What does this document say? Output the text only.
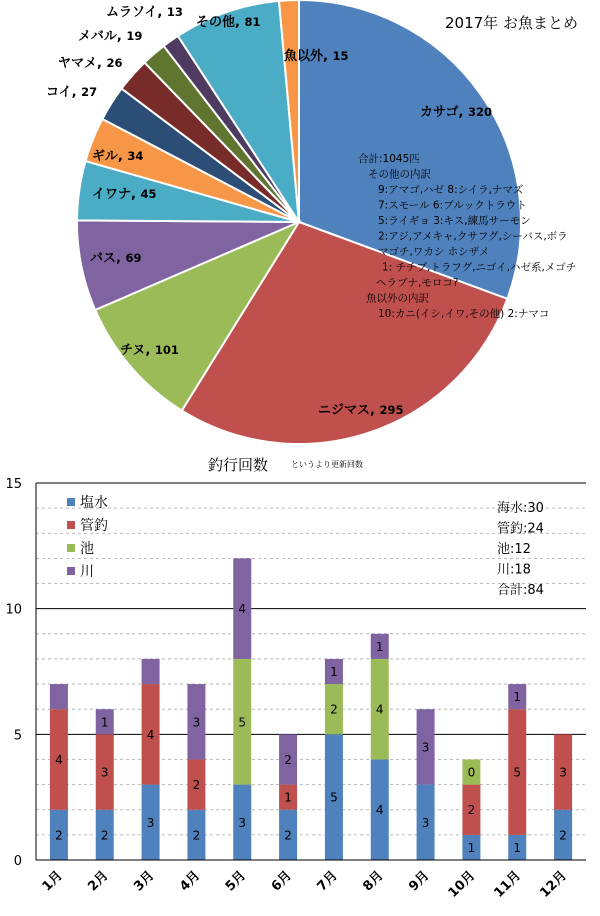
カサゴ, 320
ニジマス, 295
チヌ, 101
バス, 69
イワナ, 45
ギル, 34
コイ, 27
ヤマメ, 26
メバル, 19
ムラソイ, 13
その他, 81
魚以外, 15
2017年 お魚まとめ
合計:1045匹
その他の内訳
9:アマゴ,ハゼ 8:シイラ,ナマズ
7:スモール 6:ブルックトラウト
5:ライギョ 3:キス,練馬サーモン
2:アジ,アメキャ,クサフグ,シーバス,ボラ
マゴチ,ワカシ ホシザメ
1: チチブ,トラフグ,ニゴイ,ハゼ系,メゴチ
ヘラブナ,モロコ?
魚以外の内訳
10:カニ(イシ,イワ,その他) 2:ナマコ
釣行回数	というより更新回数
2
4
2
3
1
3
4
2
2
3
3
5
4
2
1
2
5
2
1
4
4
1
3
3
1
2
0
1
5
1
2
3
0
5
10
15
1月 2月 3月 4月 5月 6月 7月 8月 9月 10月 11月 12月
塩水
管釣
池
川
海水:30
管釣:24
池:12
川:18
合計:84
